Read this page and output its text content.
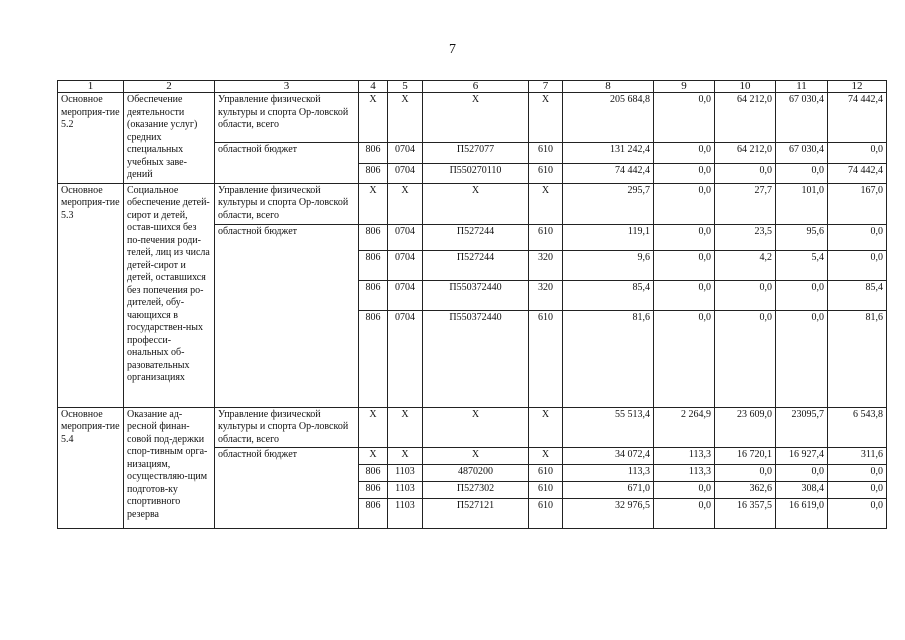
7
1	2	3	4	5	6	7	8	9	10	11	12
Основное мероприя-тие 5.2	Обеспечение деятельности (оказание услуг) средних специальных учебных заве-дений	Управление физической культуры и спорта Ор-ловской области, всего	Х	Х	Х	Х	205 684,8	0,0	64 212,0	67 030,4	74 442,4
		областной бюджет	806	0704	П527077	610	131 242,4	0,0	64 212,0	67 030,4	0,0
			806	0704	П550270110	610	74 442,4	0,0	0,0	0,0	74 442,4
Основное мероприя-тие 5.3	Социальное обеспечение детей-сирот и детей, остав-шихся без по-печения роди-телей, лиц из числа детей-сирот и детей, оставшихся без попечения ро-дителей, обу-чающихся в государствен-ных професси-ональных об-разовательных организациях	Управление физической культуры и спорта Ор-ловской области, всего	Х	Х	Х	Х	295,7	0,0	27,7	101,0	167,0
		областной бюджет	806	0704	П527244	610	119,1	0,0	23,5	95,6	0,0
			806	0704	П527244	320	9,6	0,0	4,2	5,4	0,0
			806	0704	П550372440	320	85,4	0,0	0,0	0,0	85,4
			806	0704	П550372440	610	81,6	0,0	0,0	0,0	81,6
Основное мероприя-тие 5.4	Оказание ад-ресной финан-совой под-держки спор-тивным орга-низациям, осуществляю-щим подготов-ку спортивного резерва	Управление физической культуры и спорта Ор-ловской области, всего	Х	Х	Х	Х	55 513,4	2 264,9	23 609,0	23095,7	6 543,8
		областной бюджет	Х	Х	Х	Х	34 072,4	113,3	16 720,1	16 927,4	311,6
			806	1103	4870200	610	113,3	113,3	0,0	0,0	0,0
			806	1103	П527302	610	671,0	0,0	362,6	308,4	0,0
			806	1103	П527121	610	32 976,5	0,0	16 357,5	16 619,0	0,0
